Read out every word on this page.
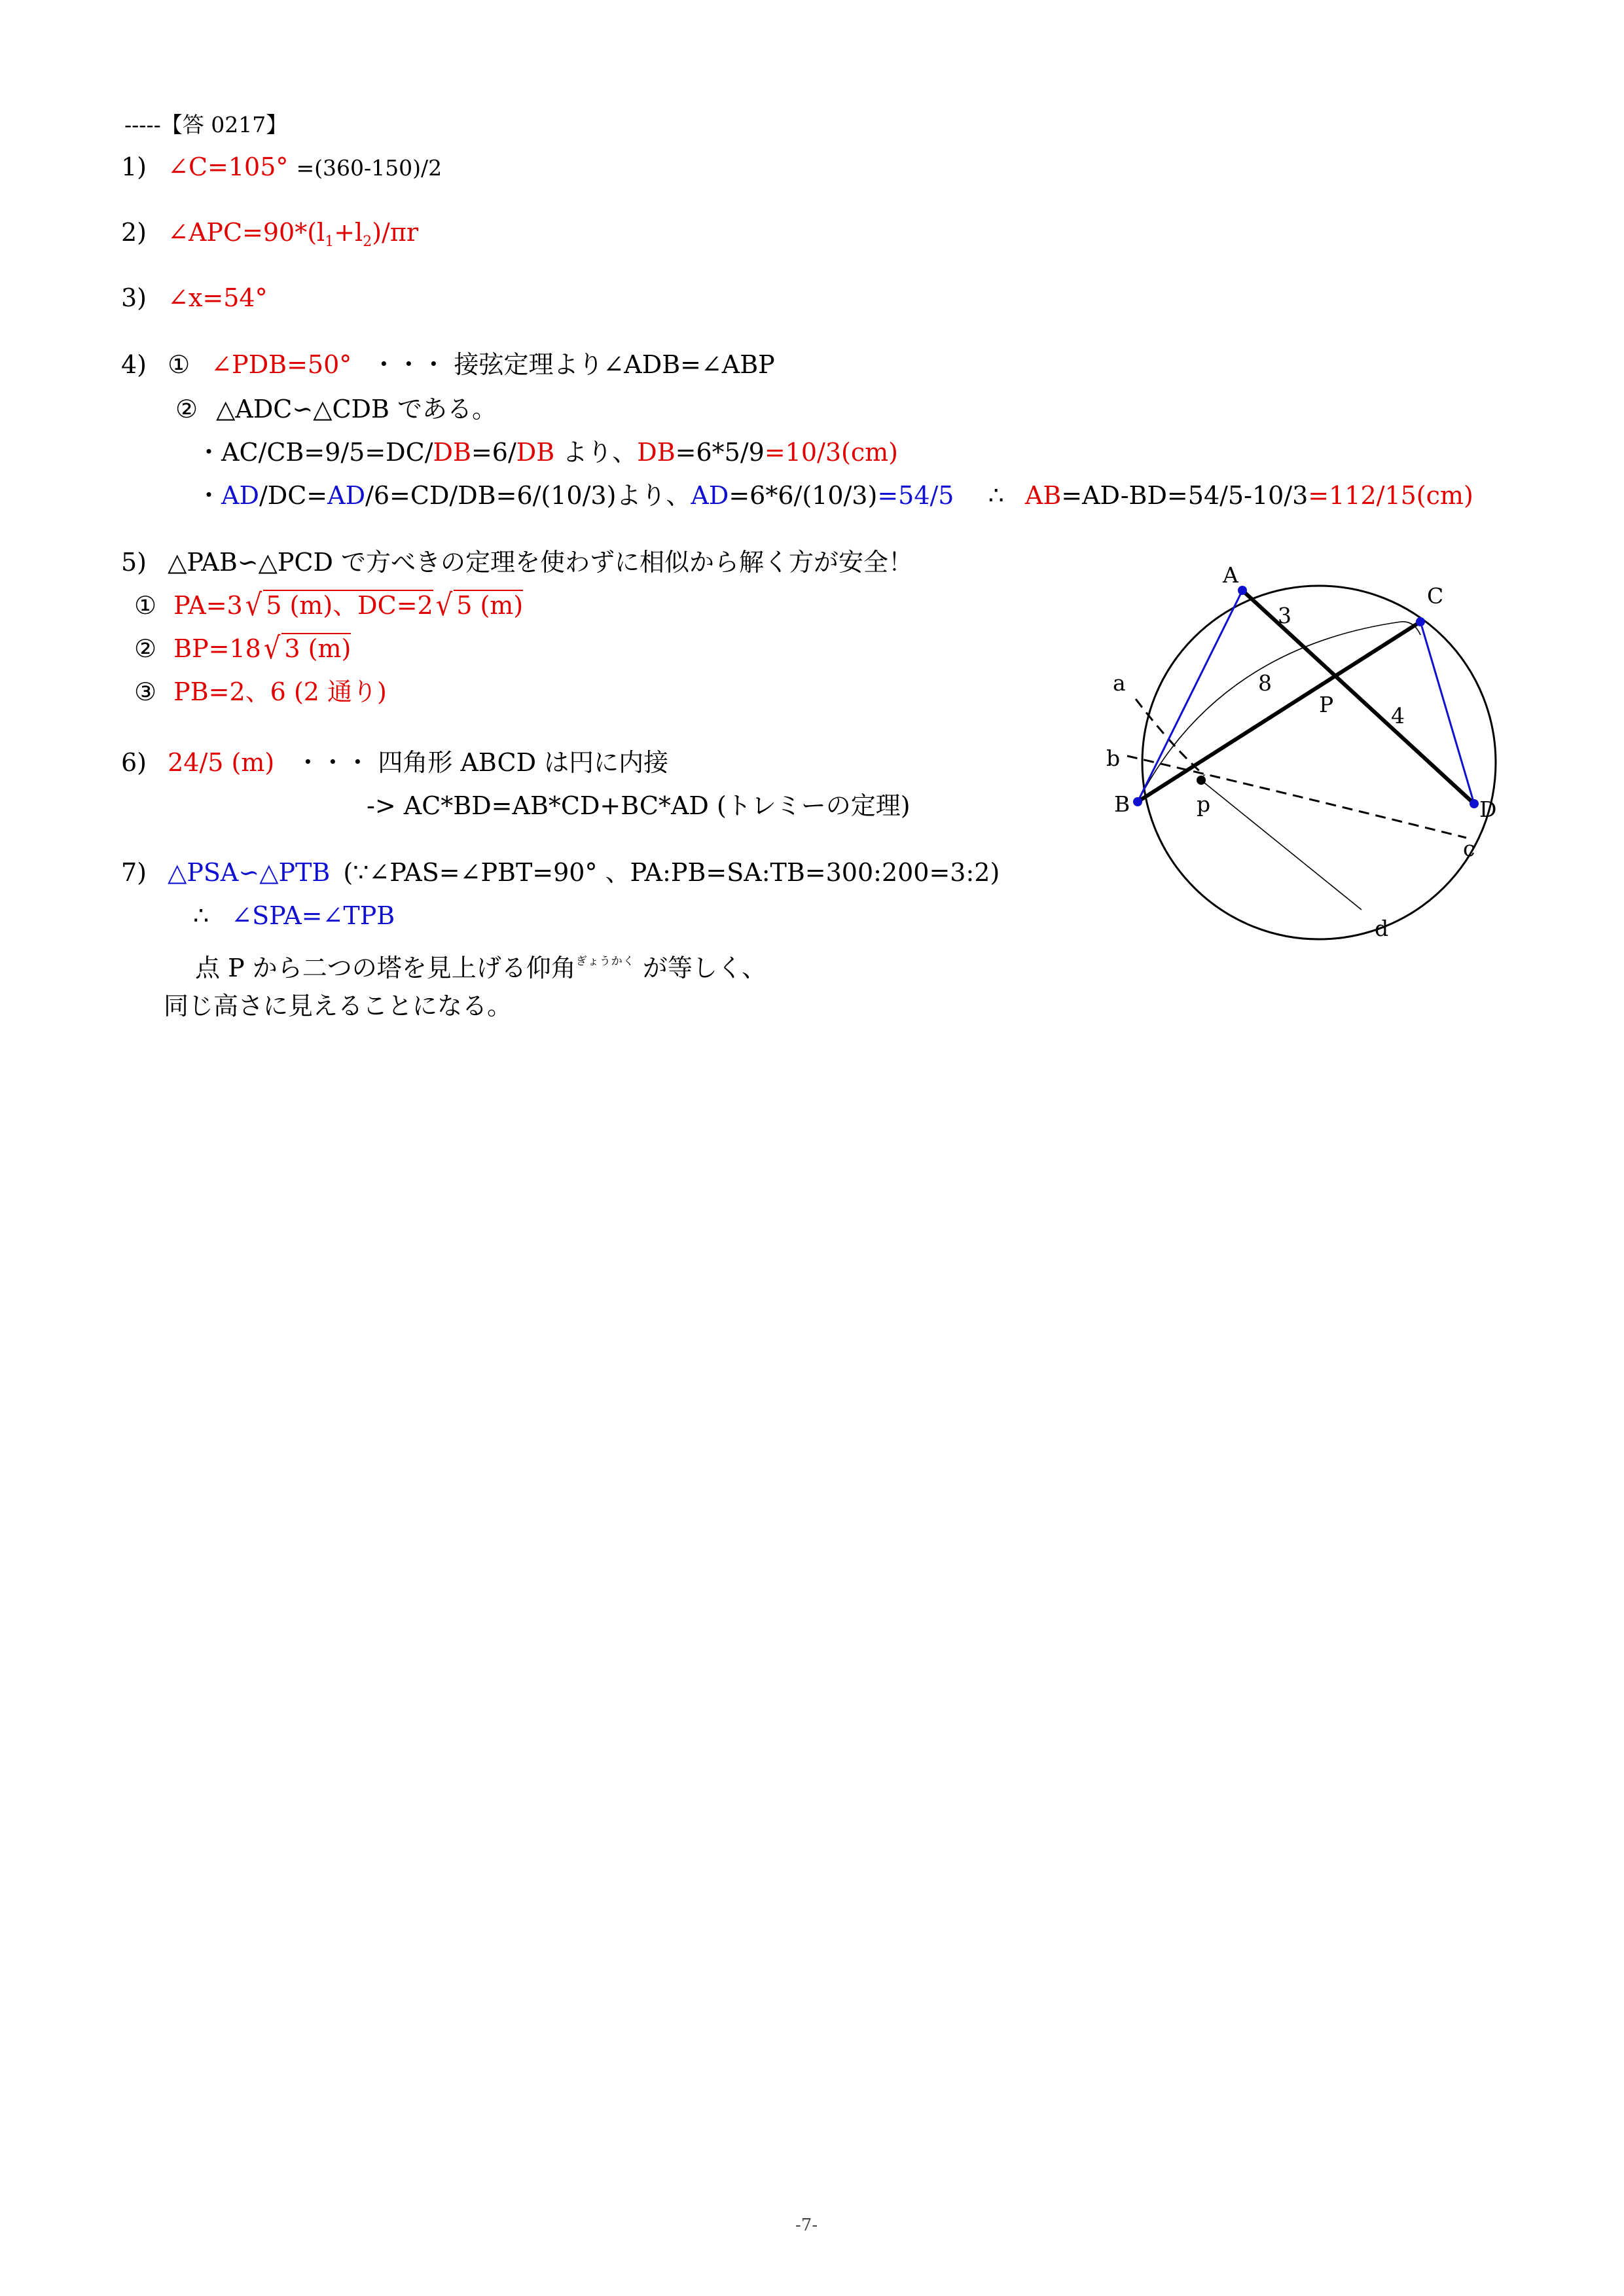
-----【答 0217】
1) ∠C=105° =(360-150)/2
2) $\angle APC=90*(l_1+l_2)/\pi r$
3) ∠x=54°
4) ① ∠PDB=50° ・・・ 接弦定理より∠ADB=∠ABP
② △ADC∽△CDB である。
・AC/CB=9/5=DC/DB=6/DB より、DB=6*5/9=10/3(cm)
・AD/DC=AD/6=CD/DB=6/(10/3)より、AD=6*6/(10/3)=54/5 ∴ AB=AD-BD=54/5-10/3=112/15(cm)
5) △PAB∽△PCD で方べきの定理を使わずに相似から解く方が安全！
① PA=3 √ 5 (m)、DC=2 √ 5 (m)
② BP=18 √ 3 (m)
③ PB=2、6 (2 通り)
6) 24/5 (m) ・・・ 四角形 ABCD は円に内接
-> AC*BD=AB*CD+BC*AD (トレミーの定理)
7) △PSA∽△PTB (∵∠PAS=∠PBT=90° 、PA:PB=SA:TB=300:200=3:2)
∴ ∠SPA=∠TPB
点 P から二つの塔を見上げる仰角$^{ぎょうかく}$ が等しく、
同じ高さに見えることになる。
A
B
C
D
P
3
4
8
a
b
c
d
p
-7-
